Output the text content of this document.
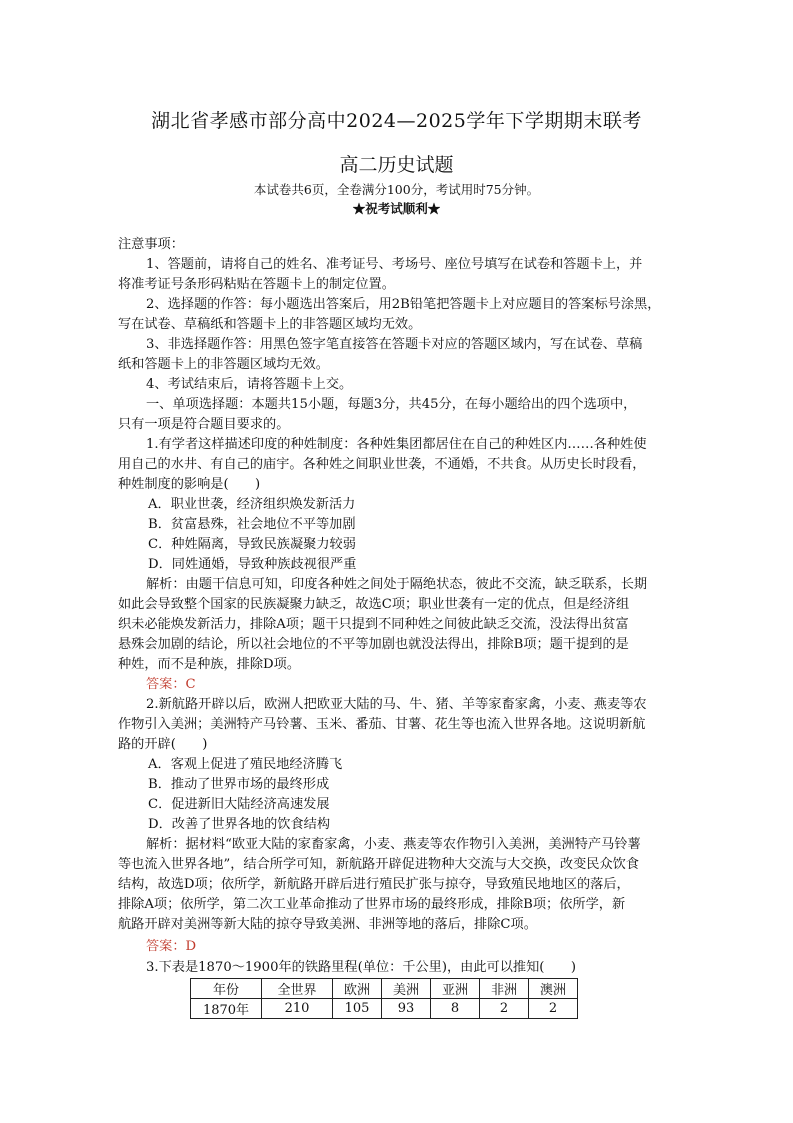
湖北省孝感市部分高中2024—2025学年下学期期末联考
高二历史试题
本试卷共6页，全卷满分100分，考试用时75分钟。
★祝考试顺利★
注意事项：
1、答题前，请将自己的姓名、准考证号、考场号、座位号填写在试卷和答题卡上，并
将准考证号条形码粘贴在答题卡上的制定位置。
2、选择题的作答：每小题选出答案后，用2B铅笔把答题卡上对应题目的答案标号涂黑，
写在试卷、草稿纸和答题卡上的非答题区域均无效。
3、非选择题作答：用黑色签字笔直接答在答题卡对应的答题区域内，写在试卷、草稿
纸和答题卡上的非答题区域均无效。
4、考试结束后，请将答题卡上交。
一、单项选择题：本题共15小题，每题3分，共45分，在每小题给出的四个选项中，
只有一项是符合题目要求的。
1.有学者这样描述印度的种姓制度：各种姓集团都居住在自己的种姓区内……各种姓使
用自己的水井、有自己的庙宇。各种姓之间职业世袭，不通婚，不共食。从历史长时段看，
种姓制度的影响是(　　)
A．职业世袭，经济组织焕发新活力
B．贫富悬殊，社会地位不平等加剧
C．种姓隔离，导致民族凝聚力较弱
D．同姓通婚，导致种族歧视很严重
解析：由题干信息可知，印度各种姓之间处于隔绝状态，彼此不交流，缺乏联系，长期
如此会导致整个国家的民族凝聚力缺乏，故选C项；职业世袭有一定的优点，但是经济组
织未必能焕发新活力，排除A项；题干只提到不同种姓之间彼此缺乏交流，没法得出贫富
悬殊会加剧的结论，所以社会地位的不平等加剧也就没法得出，排除B项；题干提到的是
种姓，而不是种族，排除D项。
答案：C
2.新航路开辟以后，欧洲人把欧亚大陆的马、牛、猪、羊等家畜家禽，小麦、燕麦等农
作物引入美洲；美洲特产马铃薯、玉米、番茄、甘薯、花生等也流入世界各地。这说明新航
路的开辟(　　)
A．客观上促进了殖民地经济腾飞
B．推动了世界市场的最终形成
C．促进新旧大陆经济高速发展
D．改善了世界各地的饮食结构
解析：据材料“欧亚大陆的家畜家禽，小麦、燕麦等农作物引入美洲，美洲特产马铃薯
等也流入世界各地”，结合所学可知，新航路开辟促进物种大交流与大交换，改变民众饮食
结构，故选D项；依所学，新航路开辟后进行殖民扩张与掠夺，导致殖民地地区的落后，
排除A项；依所学，第二次工业革命推动了世界市场的最终形成，排除B项；依所学，新
航路开辟对美洲等新大陆的掠夺导致美洲、非洲等地的落后，排除C项。
答案：D
3.下表是1870～1900年的铁路里程(单位：千公里)，由此可以推知(　　)
年份	全世界	欧洲	美洲	亚洲	非洲	澳洲
1870年	210	105	93	8	2	2
